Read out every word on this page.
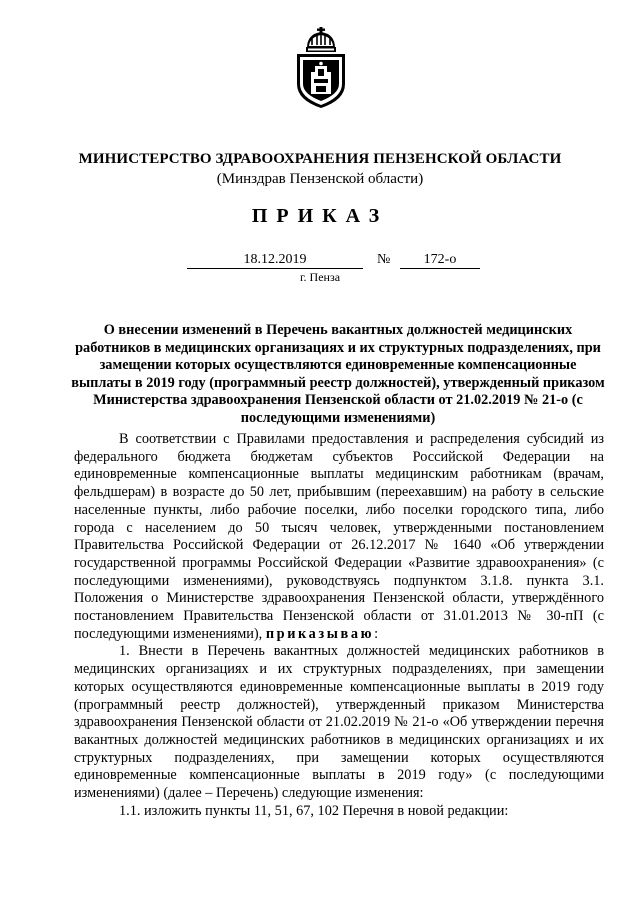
МИНИСТЕРСТВО ЗДРАВООХРАНЕНИЯ ПЕНЗЕНСКОЙ ОБЛАСТИ
(Минздрав Пензенской области)
ПРИКАЗ
18.12.2019	№	172-о
г. Пенза
О внесении изменений в Перечень вакантных должностей медицинских работников в медицинских организациях и их структурных подразделениях, при замещении которых осуществляются единовременные компенсационные выплаты в 2019 году (программный реестр должностей), утвержденный приказом Министерства здравоохранения Пензенской области от 21.02.2019 № 21-о (с последующими изменениями)

В соответствии с Правилами предоставления и распределения субсидий из федерального бюджета бюджетам субъектов Российской Федерации на единовременные компенсационные выплаты медицинским работникам (врачам, фельдшерам) в возрасте до 50 лет, прибывшим (переехавшим) на работу в сельские населенные пункты, либо рабочие поселки, либо поселки городского типа, либо города с населением до 50 тысяч человек, утвержденными постановлением Правительства Российской Федерации от 26.12.2017 № 1640 «Об утверждении государственной программы Российской Федерации «Развитие здравоохранения» (с последующими изменениями), руководствуясь подпунктом 3.1.8. пункта 3.1. Положения о Министерстве здравоохранения Пензенской области, утверждённого постановлением Правительства Пензенской области от 31.01.2013 № 30-пП (с последующими изменениями), приказываю:

1. Внести в Перечень вакантных должностей медицинских работников в медицинских организациях и их структурных подразделениях, при замещении которых осуществляются единовременные компенсационные выплаты в 2019 году (программный реестр должностей), утвержденный приказом Министерства здравоохранения Пензенской области от 21.02.2019 № 21-о «Об утверждении перечня вакантных должностей медицинских работников в медицинских организациях и их структурных подразделениях, при замещении которых осуществляются единовременные компенсационные выплаты в 2019 году» (с последующими изменениями) (далее – Перечень) следующие изменения:

1.1. изложить пункты 11, 51, 67, 102 Перечня в новой редакции:
